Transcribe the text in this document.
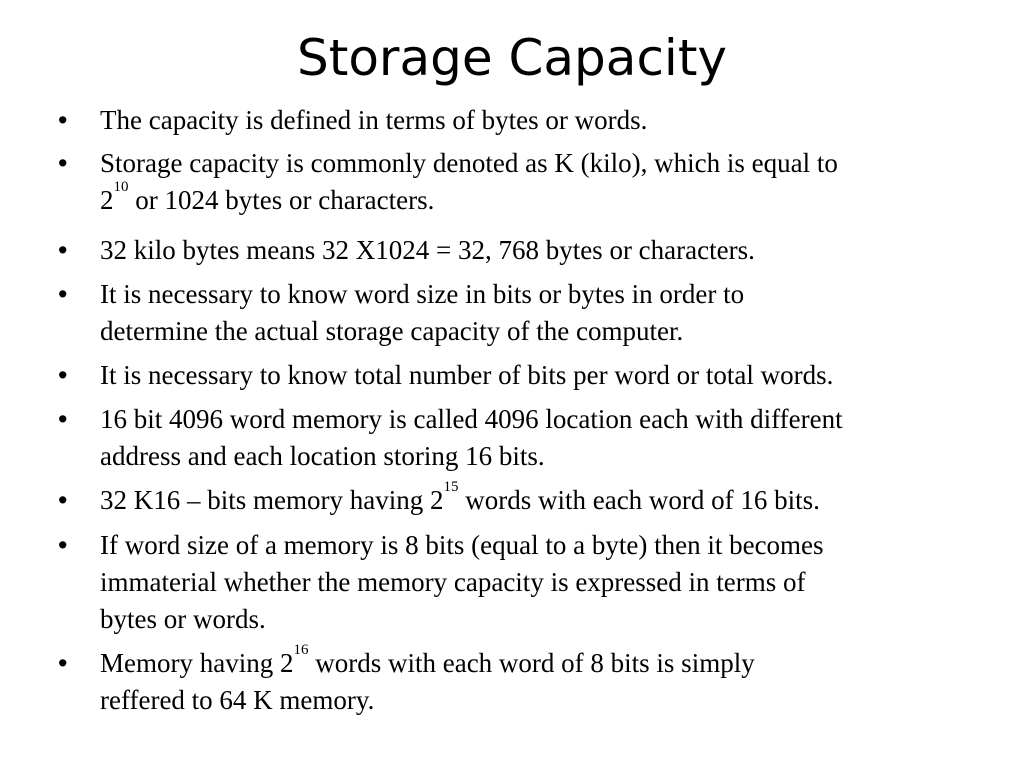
Storage Capacity
• The capacity is defined in terms of bytes or words.
• Storage capacity is commonly denoted as K (kilo), which is equal to
$2^{10}$ or 1024 bytes or characters.
• 32 kilo bytes means 32 X1024 = 32, 768 bytes or characters.
• It is necessary to know word size in bits or bytes in order to
determine the actual storage capacity of the computer.
• It is necessary to know total number of bits per word or total words.
• 16 bit 4096 word memory is called 4096 location each with different
address and each location storing 16 bits.
• 32 K16 – bits memory having $2^{15}$ words with each word of 16 bits.
• If word size of a memory is 8 bits (equal to a byte) then it becomes
immaterial whether the memory capacity is expressed in terms of
bytes or words.
• Memory having $2^{16}$ words with each word of 8 bits is simply
reffered to 64 K memory.
